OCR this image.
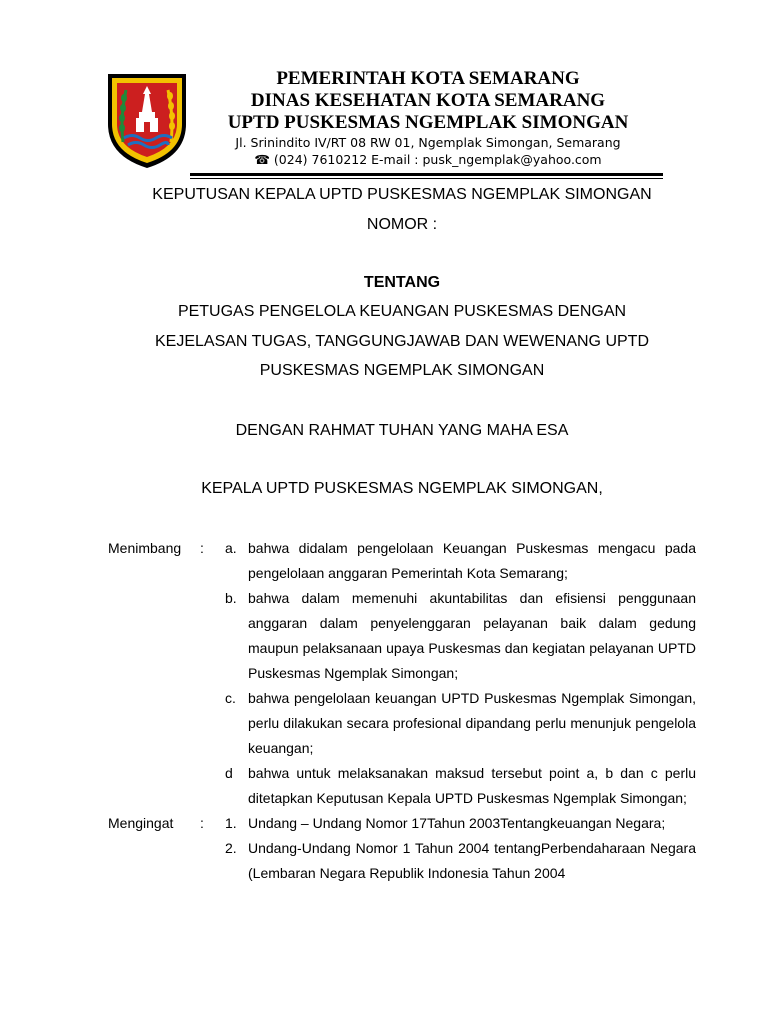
PEMERINTAH KOTA SEMARANG
DINAS KESEHATAN KOTA SEMARANG
UPTD PUSKESMAS NGEMPLAK SIMONGAN
Jl. Srinindito IV/RT 08 RW 01, Ngemplak Simongan, Semarang
☎ (024) 7610212 E-mail : pusk_ngemplak@yahoo.com
KEPUTUSAN KEPALA UPTD PUSKESMAS NGEMPLAK SIMONGAN
NOMOR :
TENTANG
PETUGAS PENGELOLA KEUANGAN PUSKESMAS DENGAN
KEJELASAN TUGAS, TANGGUNGJAWAB DAN WEWENANG UPTD
PUSKESMAS NGEMPLAK SIMONGAN
DENGAN RAHMAT TUHAN YANG MAHA ESA
KEPALA UPTD PUSKESMAS NGEMPLAK SIMONGAN,
Menimbang	:	a. bahwa didalam pengelolaan Keuangan Puskesmas mengacu pada pengelolaan anggaran Pemerintah Kota Semarang;
b. bahwa dalam memenuhi akuntabilitas dan efisiensi penggunaan anggaran dalam penyelenggaran pelayanan baik dalam gedung maupun pelaksanaan upaya Puskesmas dan kegiatan pelayanan UPTD Puskesmas Ngemplak Simongan;
c. bahwa pengelolaan keuangan UPTD Puskesmas Ngemplak Simongan, perlu dilakukan secara profesional dipandang perlu menunjuk pengelola keuangan;
d	bahwa untuk melaksanakan maksud tersebut point a, b dan c perlu ditetapkan Keputusan Kepala UPTD Puskesmas Ngemplak Simongan;
Mengingat	:	1. Undang – Undang Nomor 17Tahun 2003Tentangkeuangan Negara;
2. Undang-Undang Nomor 1 Tahun 2004 tentangPerbendaharaan Negara (Lembaran Negara Republik Indonesia Tahun 2004
